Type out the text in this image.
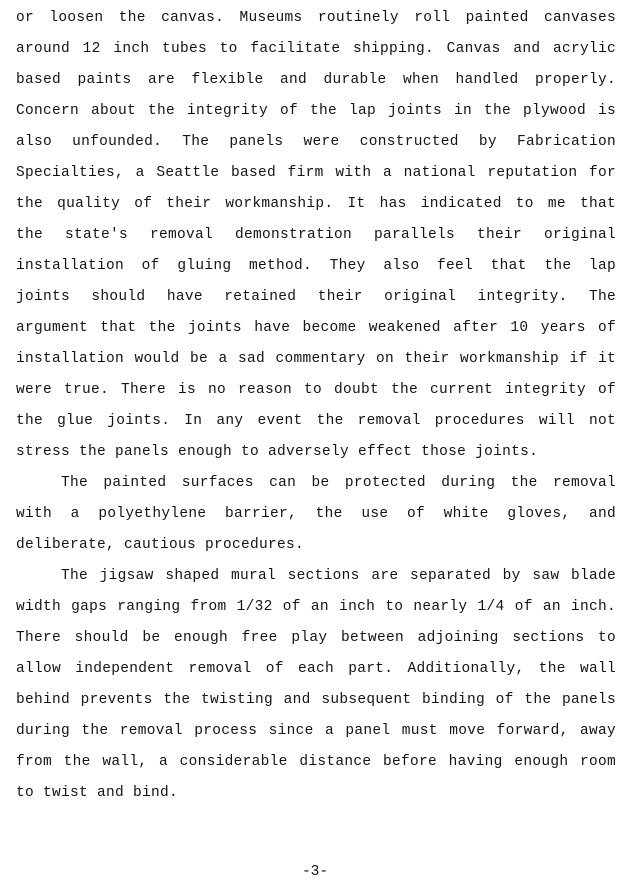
or loosen the canvas. Museums routinely roll painted canvases

around 12 inch tubes to facilitate shipping. Canvas and acrylic

based paints are flexible and durable when handled properly.

Concern about the integrity of the lap joints in the plywood is

also unfounded. The panels were constructed by Fabrication

Specialties, a Seattle based firm with a national reputation for

the quality of their workmanship. It has indicated to me that

the state's removal demonstration parallels their original

installation of gluing method. They also feel that the lap

joints should have retained their original integrity. The

argument that the joints have become weakened after 10 years of

installation would be a sad commentary on their workmanship if it

were true. There is no reason to doubt the current integrity of

the glue joints. In any event the removal procedures will not

stress the panels enough to adversely effect those joints.

The painted surfaces can be protected during the removal

with a polyethylene barrier, the use of white gloves, and

deliberate, cautious procedures.

The jigsaw shaped mural sections are separated by saw blade

width gaps ranging from 1/32 of an inch to nearly 1/4 of an inch.

There should be enough free play between adjoining sections to

allow independent removal of each part. Additionally, the wall

behind prevents the twisting and subsequent binding of the panels

during the removal process since a panel must move forward, away

from the wall, a considerable distance before having enough room

to twist and bind.

-3-
